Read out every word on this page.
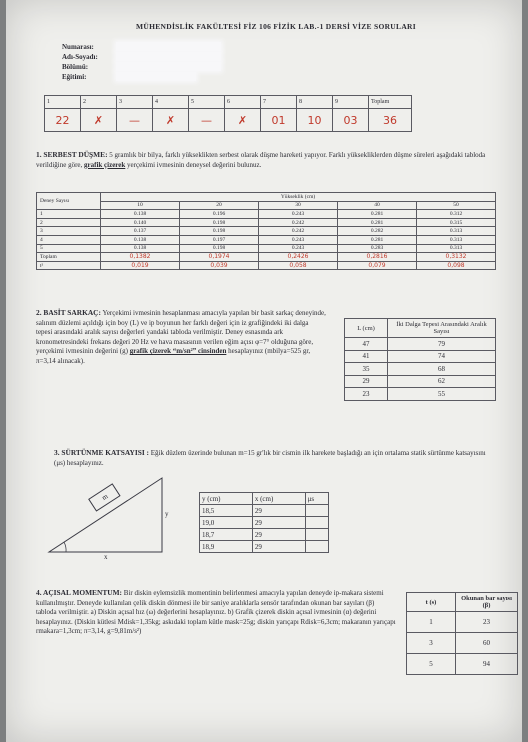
MÜHENDİSLİK FAKÜLTESİ FİZ 106 FİZİK LAB.-1 DERSİ VİZE SORULARI
Numarası:
Adı-Soyadı:
Bölümü:
Eğitimi:
1	2	3	4	5	6	7	8	9	Toplam
22	✗	—	✗	—	✗	01	10	03	36
1. SERBEST DÜŞME: 5 gramlık bir bilya, farklı yükseklikten serbest olarak düşme hareketi yapıyor. Farklı yüksekliklerden düşme süreleri aşağıdaki tabloda verildiğine göre, grafik çizerek yerçekimi ivmesinin deneysel değerini bulunuz.
Deney Sayısı	Yükseklik (cm)				
	10	20	30	40	50
1	0.138	0.196	0.243	0.281	0.312
2	0.140	0.198	0.242	0.281	0.315
3	0.137	0.198	0.242	0.282	0.313
4	0.138	0.197	0.243	0.281	0.313
5	0.138	0.198	0.243	0.283	0.313
Toplam	0,1382	0,1974	0,2426	0,2816	0,3132
t²	0,019	0,039	0,058	0,079	0,098
2. BASİT SARKAÇ: Yerçekimi ivmesinin hesaplanması amacıyla yapılan bir basit sarkaç deneyinde, salınım düzlemi açıldığı için boy (L) ve ip boyunun her farklı değeri için iz grafiğindeki iki dalga tepesi arasındaki aralık sayısı değerleri yandaki tabloda verilmiştir. Deney esnasında ark kronometresindeki frekans değeri 20 Hz ve hava masasının verilen eğim açısı φ=7° olduğuna göre, yerçekimi ivmesinin değerini (g) grafik çizerek “m/sn²” cinsinden hesaplayınız (mbilya=525 gr, π=3,14 alınacak).
L (cm)	İki Dalga Tepesi Arasındaki Aralık Sayısı
47	79
41	74
35	68
29	62
23	55
3. SÜRTÜNME KATSAYISI : Eğik düzlem üzerinde bulunan m=15 gr'lık bir cismin ilk harekete başladığı an için ortalama statik sürtünme katsayısını (μs) hesaplayınız.
m
y
x
y (cm)	x (cm)	μs
18,5	29	
19,0	29	
18,7	29	
18,9	29	
4. AÇISAL MOMENTUM: Bir diskin eylemsizlik momentinin belirlenmesi amacıyla yapılan deneyde ip-makara sistemi kullanılmıştır. Deneyde kullanılan çelik diskin dönmesi ile bir saniye aralıklarla sensör tarafından okunan bar sayıları (β) tabloda verilmiştir. a) Diskin açısal hız (ω) değerlerini hesaplayınız. b) Grafik çizerek diskin açısal ivmesinin (α) değerini hesaplayınız. (Diskin kütlesi Mdisk=1,35kg; askıdaki toplam kütle mask=25g; diskin yarıçapı Rdisk=6,3cm; makaranın yarıçapı rmakara=1,3cm; π=3,14, g=9,81m/s²)
t (s)	Okunan bar sayısı (β)
1	23
3	60
5	94
